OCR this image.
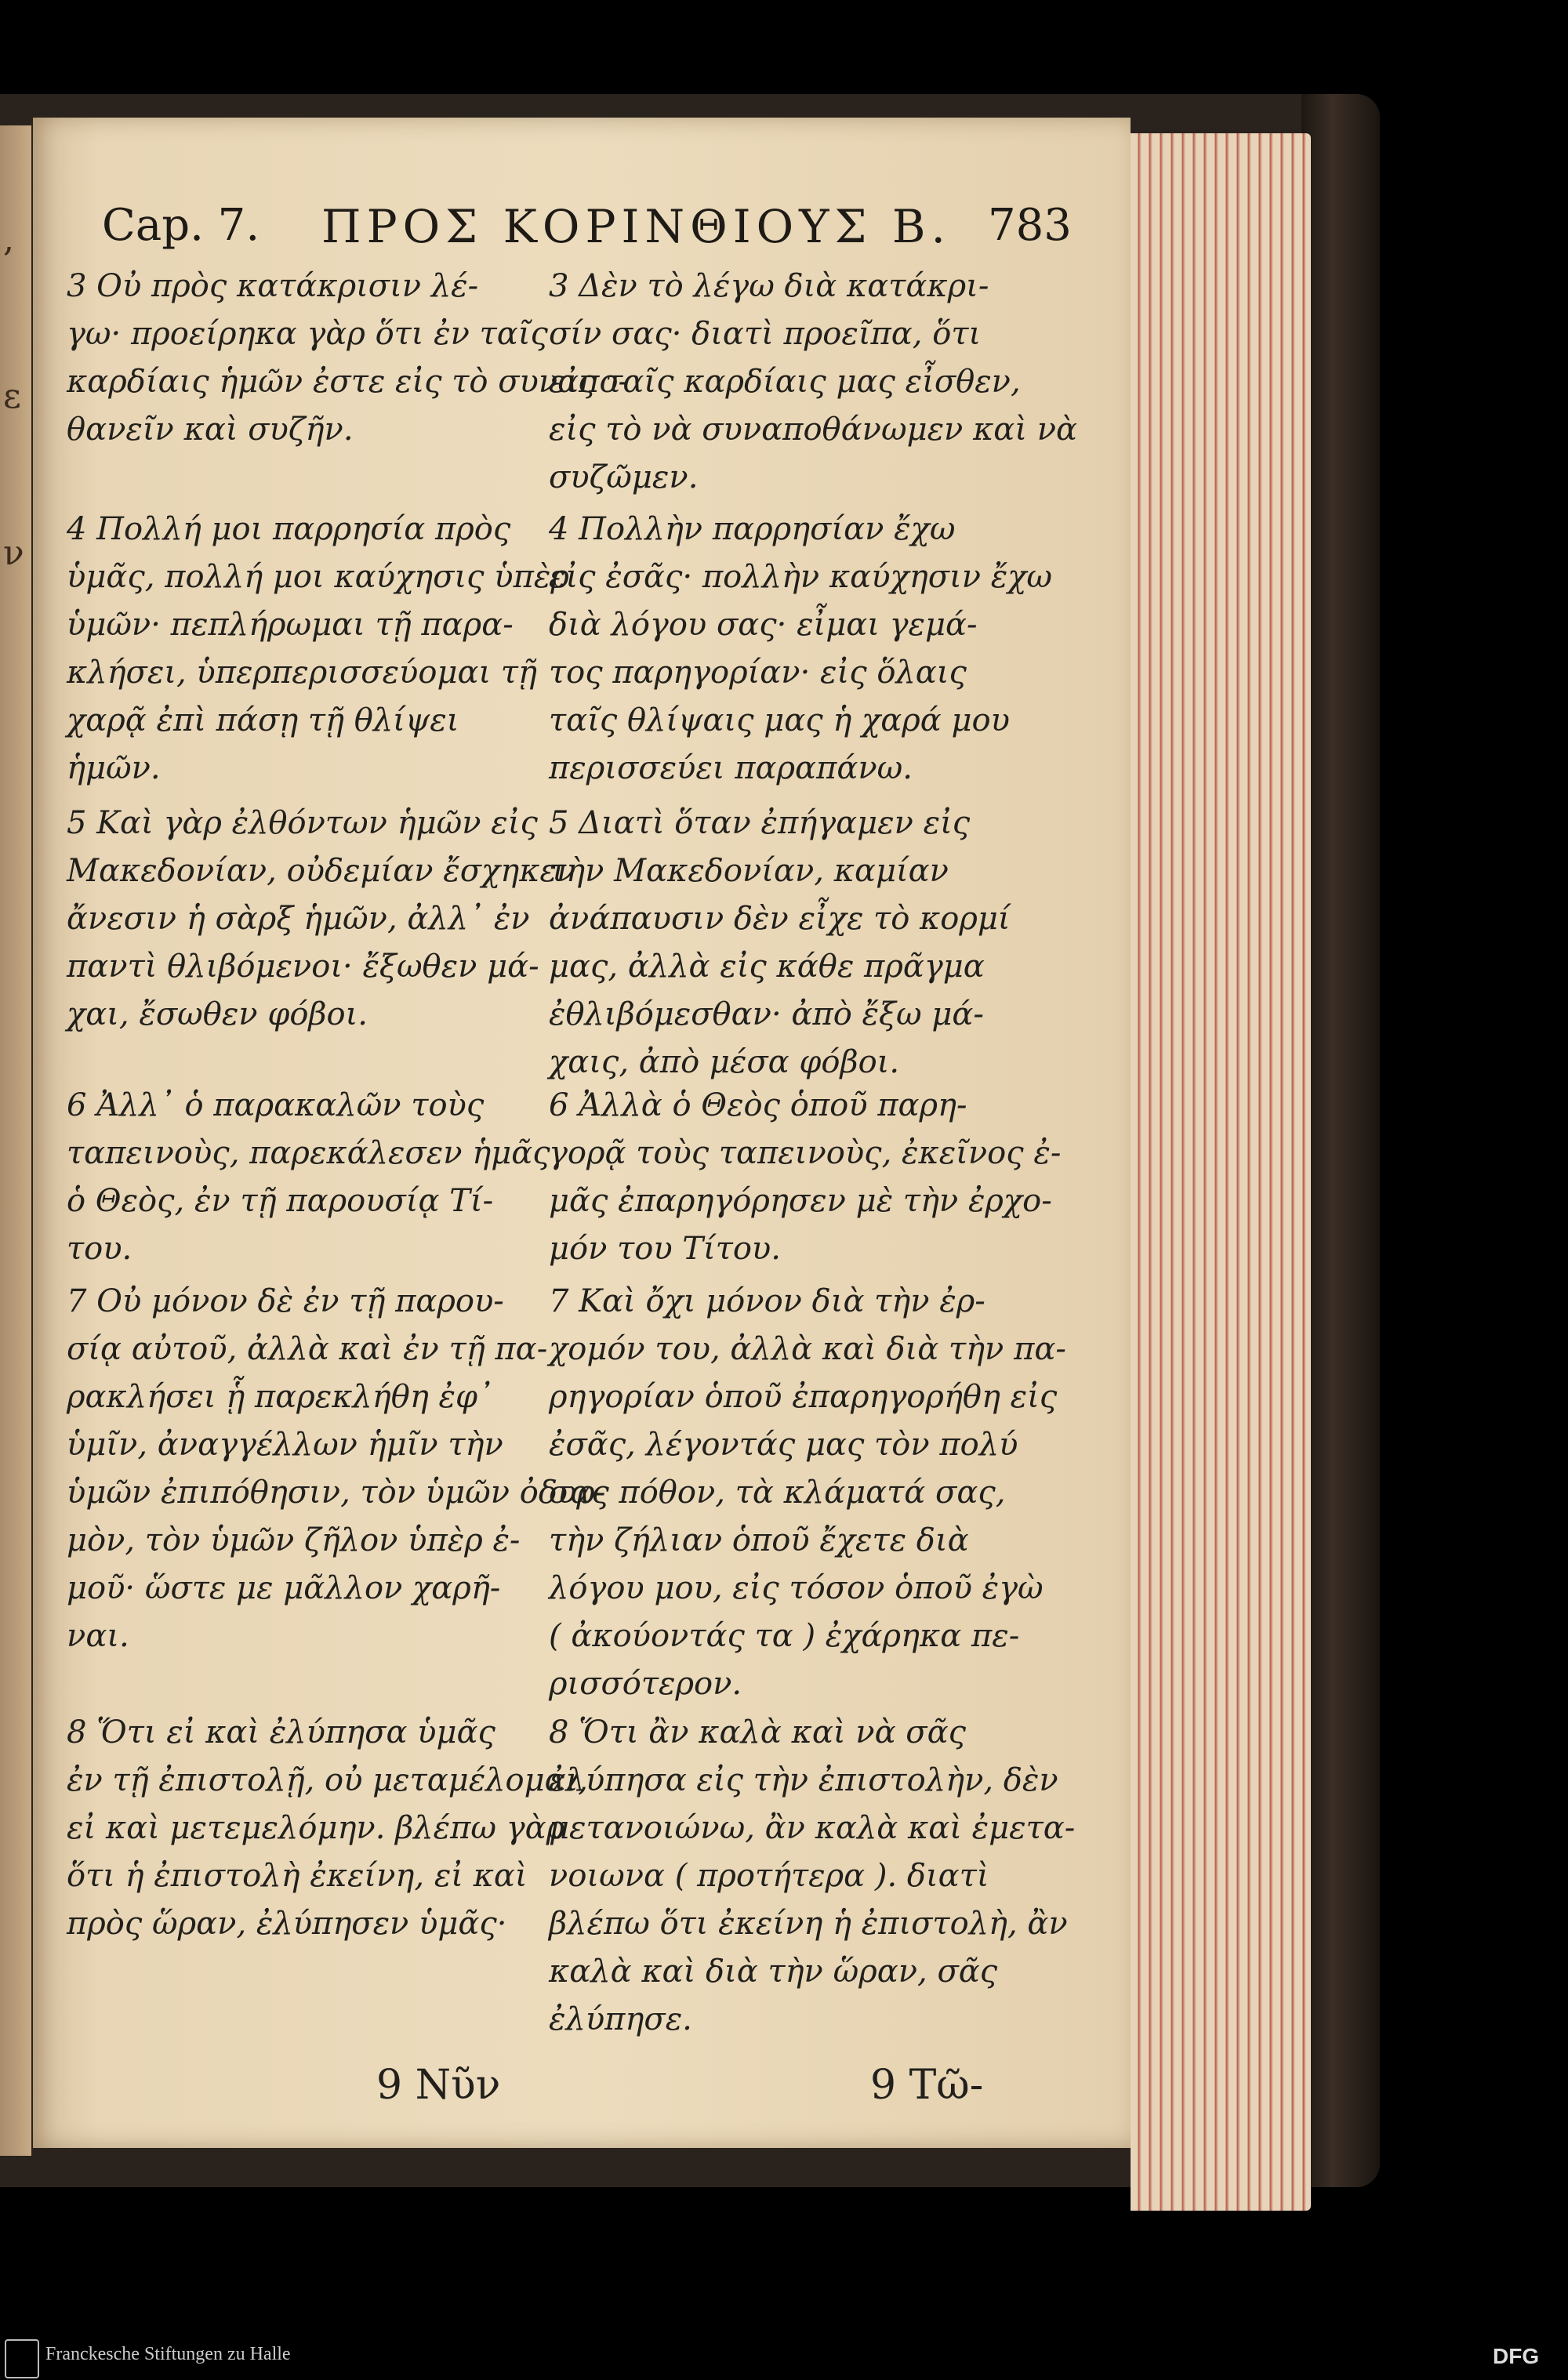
,
ε
ν
Cap. 7. ΠΡΟΣ ΚΟΡΙΝΘΙΟΥΣ Β. 783
3 Οὐ πρὸς κατάκρισιν λέ-
γω· προείρηκα γὰρ ὅτι ἐν ταῖς
καρδίαις ἡμῶν ἐστε εἰς τὸ συναπο-
θανεῖν καὶ συζῆν.
4 Πολλή μοι παρρησία πρὸς
ὑμᾶς, πολλή μοι καύχησις ὑπὲρ
ὑμῶν· πεπλήρωμαι τῇ παρα-
κλήσει, ὑπερπερισσεύομαι τῇ
χαρᾷ ἐπὶ πάσῃ τῇ θλίψει
ἡμῶν.
5 Καὶ γὰρ ἐλθόντων ἡμῶν εἰς
Μακεδονίαν, οὐδεμίαν ἔσχηκεν
ἄνεσιν ἡ σὰρξ ἡμῶν, ἀλλ᾽ ἐν
παντὶ θλιβόμενοι· ἔξωθεν μά-
χαι, ἔσωθεν φόβοι.
6 Ἀλλ᾽ ὁ παρακαλῶν τοὺς
ταπεινοὺς, παρεκάλεσεν ἡμᾶς
ὁ Θεὸς, ἐν τῇ παρουσίᾳ Τί-
του.
7 Οὐ μόνον δὲ ἐν τῇ παρου-
σίᾳ αὐτοῦ, ἀλλὰ καὶ ἐν τῇ πα-
ρακλήσει ᾗ παρεκλήθη ἐφ᾽
ὑμῖν, ἀναγγέλλων ἡμῖν τὴν
ὑμῶν ἐπιπόθησιν, τὸν ὑμῶν ὀδυρ-
μὸν, τὸν ὑμῶν ζῆλον ὑπὲρ ἐ-
μοῦ· ὥστε με μᾶλλον χαρῆ-
ναι.
8 Ὅτι εἰ καὶ ἐλύπησα ὑμᾶς
ἐν τῇ ἐπιστολῇ, οὐ μεταμέλομαι,
εἰ καὶ μετεμελόμην. βλέπω γὰρ
ὅτι ἡ ἐπιστολὴ ἐκείνη, εἰ καὶ
πρὸς ὥραν, ἐλύπησεν ὑμᾶς·
3 Δὲν τὸ λέγω διὰ κατάκρι-
σίν σας· διατὶ προεῖπα, ὅτι
εἰς ταῖς καρδίαις μας εἶσθεν,
εἰς τὸ νὰ συναποθάνωμεν καὶ νὰ
συζῶμεν.
4 Πολλὴν παρρησίαν ἔχω
εἰς ἐσᾶς· πολλὴν καύχησιν ἔχω
διὰ λόγου σας· εἶμαι γεμά-
τος παρηγορίαν· εἰς ὅλαις
ταῖς θλίψαις μας ἡ χαρά μου
περισσεύει παραπάνω.
5 Διατὶ ὅταν ἐπήγαμεν εἰς
τὴν Μακεδονίαν, καμίαν
ἀνάπαυσιν δὲν εἶχε τὸ κορμί
μας, ἀλλὰ εἰς κάθε πρᾶγμα
ἐθλιβόμεσθαν· ἀπὸ ἔξω μά-
χαις, ἀπὸ μέσα φόβοι.
6 Ἀλλὰ ὁ Θεὸς ὁποῦ παρη-
γορᾷ τοὺς ταπεινοὺς, ἐκεῖνος ἐ-
μᾶς ἐπαρηγόρησεν μὲ τὴν ἐρχο-
μόν του Τίτου.
7 Καὶ ὄχι μόνον διὰ τὴν ἐρ-
χομόν του, ἀλλὰ καὶ διὰ τὴν πα-
ρηγορίαν ὁποῦ ἐπαρηγορήθη εἰς
ἐσᾶς, λέγοντάς μας τὸν πολύ
σας πόθον, τὰ κλάματά σας,
τὴν ζήλιαν ὁποῦ ἔχετε διὰ
λόγου μου, εἰς τόσον ὁποῦ ἐγὼ
( ἀκούοντάς τα ) ἐχάρηκα πε-
ρισσότερον.
8 Ὅτι ἂν καλὰ καὶ νὰ σᾶς
ἐλύπησα εἰς τὴν ἐπιστολὴν, δὲν
μετανοιώνω, ἂν καλὰ καὶ ἐμετα-
νοιωνα ( προτήτερα ). διατὶ
βλέπω ὅτι ἐκείνη ἡ ἐπιστολὴ, ἂν
καλὰ καὶ διὰ τὴν ὥραν, σᾶς
ἐλύπησε.
9 Νῦν	9 Τῶ-
Franckesche Stiftungen zu Halle	DFG
